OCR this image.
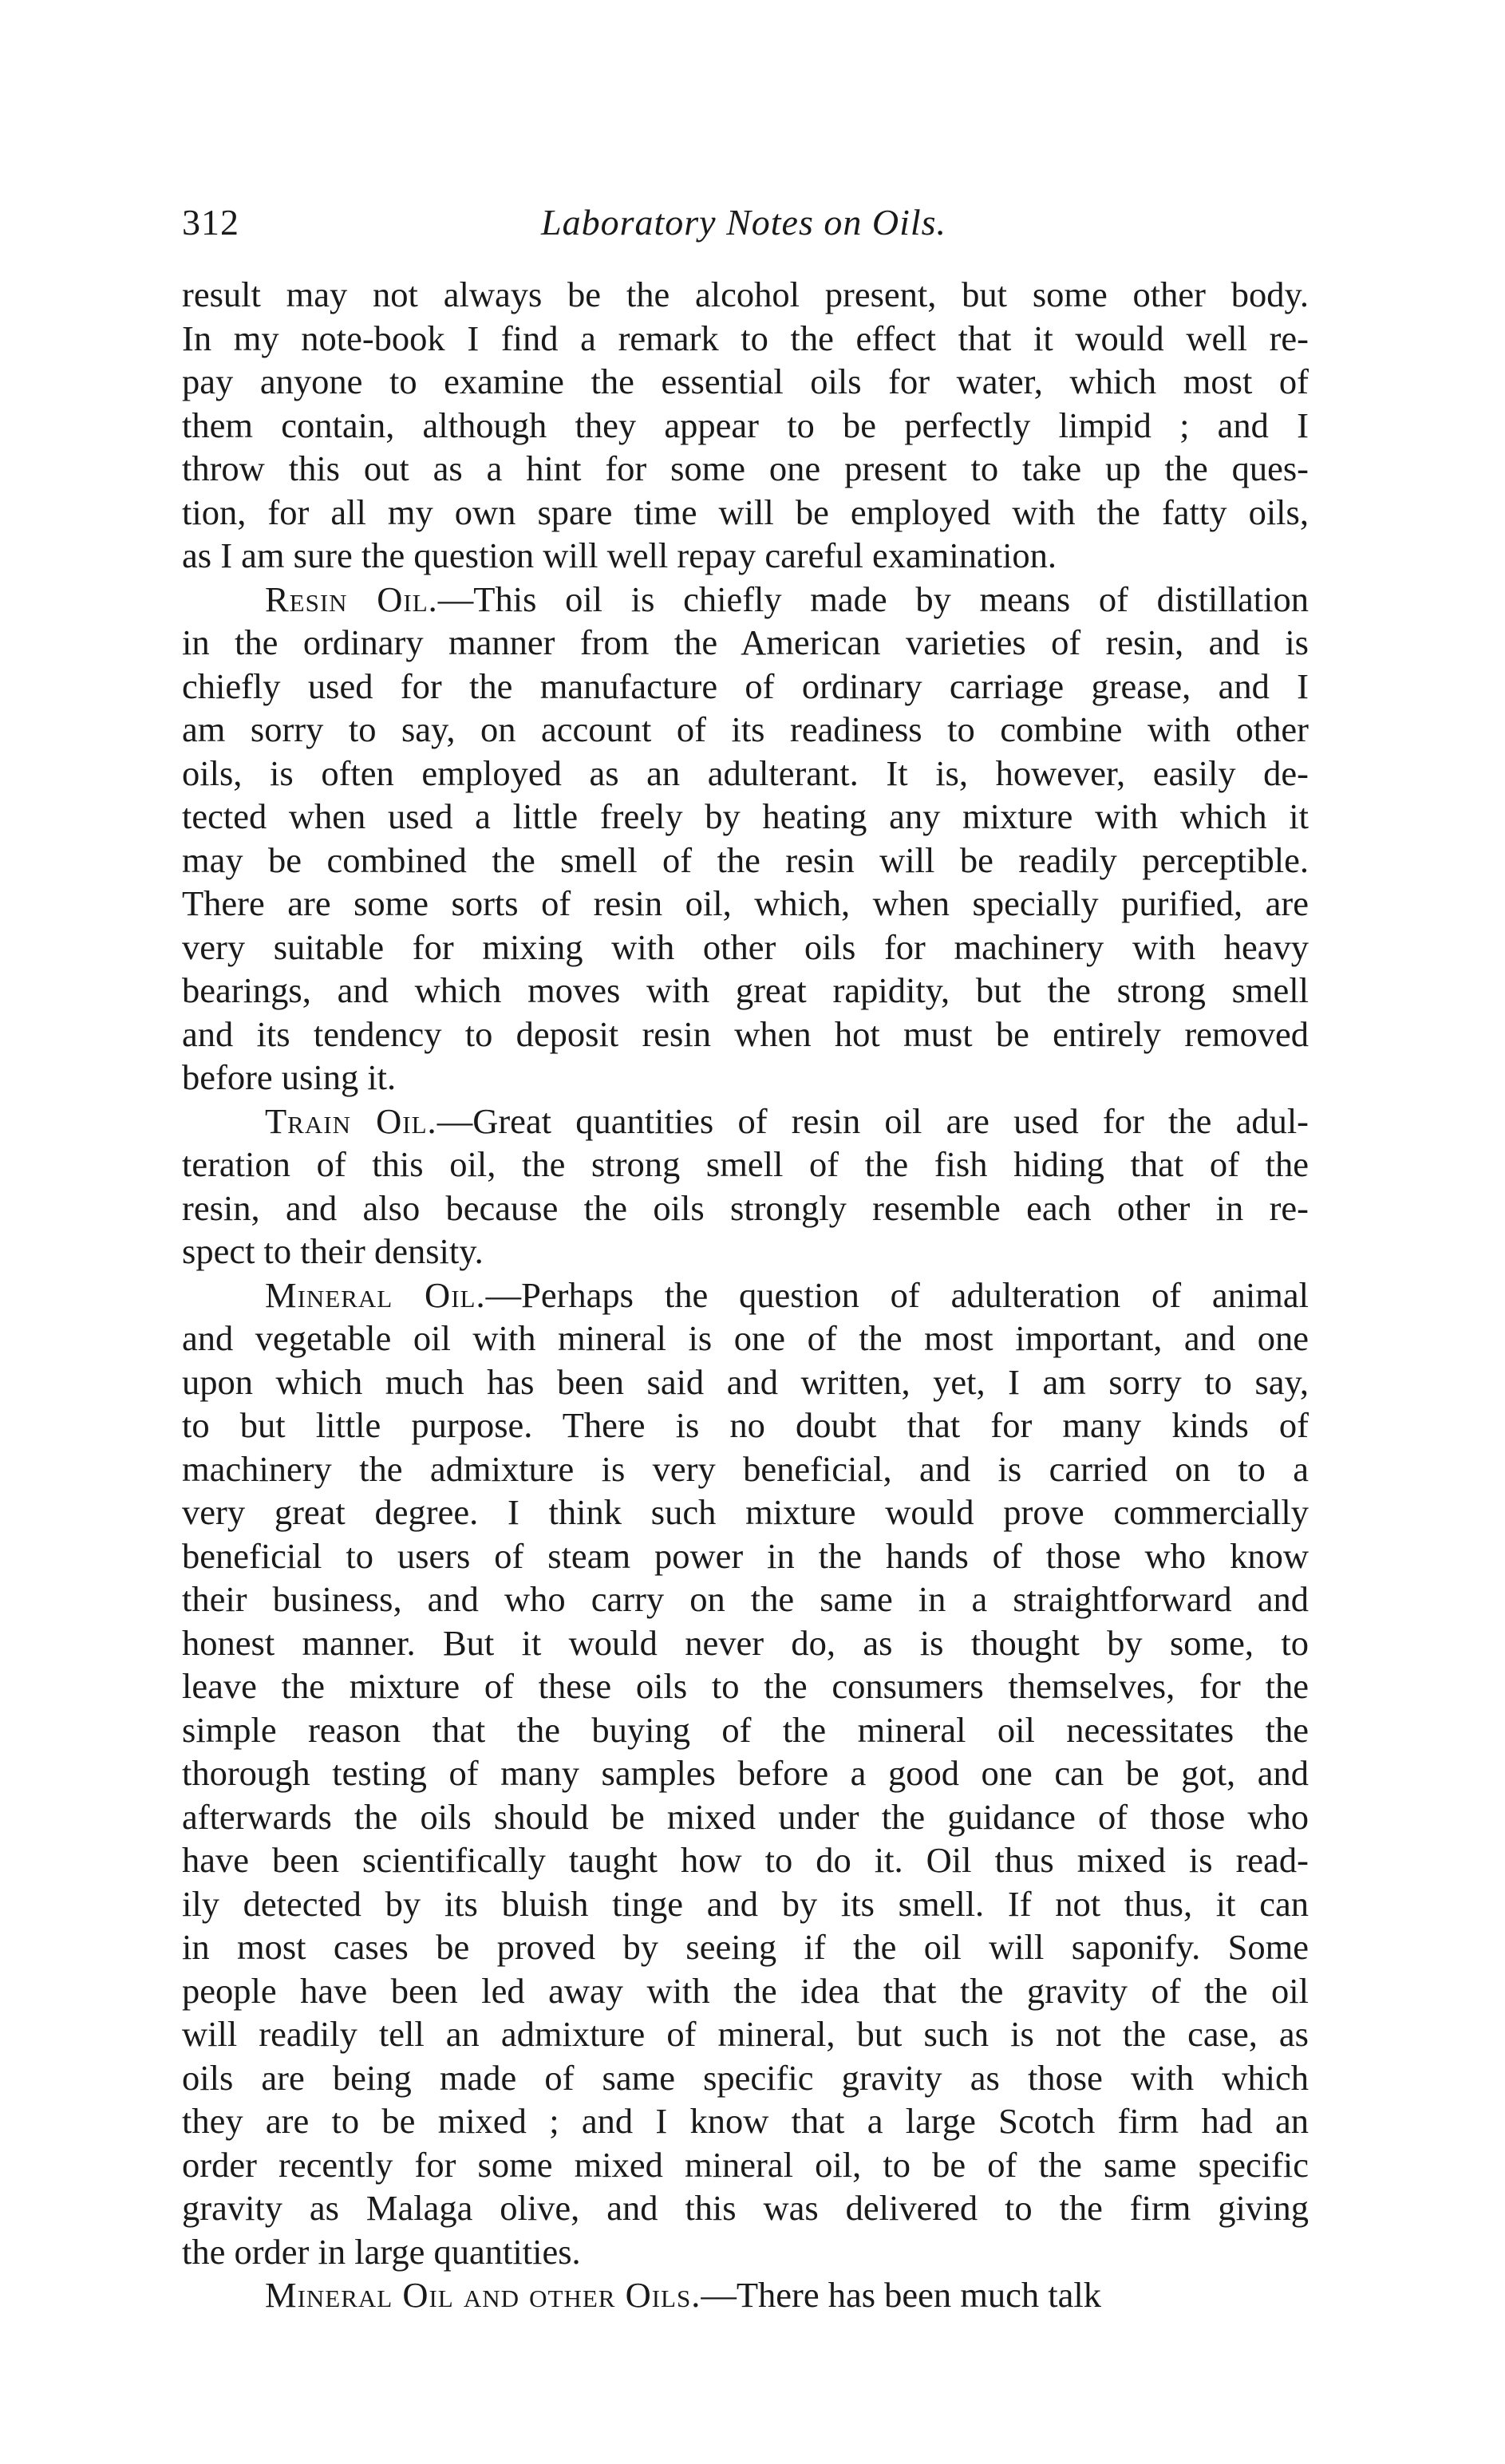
312	Laboratory Notes on Oils.
result may not always be the alcohol present, but some other body.
In my note-book I find a remark to the effect that it would well re-
pay anyone to examine the essential oils for water, which most of
them contain, although they appear to be perfectly limpid ; and I
throw this out as a hint for some one present to take up the ques-
tion, for all my own spare time will be employed with the fatty oils,
as I am sure the question will well repay careful examination.
Resin Oil.—This oil is chiefly made by means of distillation
in the ordinary manner from the American varieties of resin, and is
chiefly used for the manufacture of ordinary carriage grease, and I
am sorry to say, on account of its readiness to combine with other
oils, is often employed as an adulterant. It is, however, easily de-
tected when used a little freely by heating any mixture with which it
may be combined the smell of the resin will be readily perceptible.
There are some sorts of resin oil, which, when specially purified, are
very suitable for mixing with other oils for machinery with heavy
bearings, and which moves with great rapidity, but the strong smell
and its tendency to deposit resin when hot must be entirely removed
before using it.
Train Oil.—Great quantities of resin oil are used for the adul-
teration of this oil, the strong smell of the fish hiding that of the
resin, and also because the oils strongly resemble each other in re-
spect to their density.
Mineral Oil.—Perhaps the question of adulteration of animal
and vegetable oil with mineral is one of the most important, and one
upon which much has been said and written, yet, I am sorry to say,
to but little purpose. There is no doubt that for many kinds of
machinery the admixture is very beneficial, and is carried on to a
very great degree. I think such mixture would prove commercially
beneficial to users of steam power in the hands of those who know
their business, and who carry on the same in a straightforward and
honest manner. But it would never do, as is thought by some, to
leave the mixture of these oils to the consumers themselves, for the
simple reason that the buying of the mineral oil necessitates the
thorough testing of many samples before a good one can be got, and
afterwards the oils should be mixed under the guidance of those who
have been scientifically taught how to do it. Oil thus mixed is read-
ily detected by its bluish tinge and by its smell. If not thus, it can
in most cases be proved by seeing if the oil will saponify. Some
people have been led away with the idea that the gravity of the oil
will readily tell an admixture of mineral, but such is not the case, as
oils are being made of same specific gravity as those with which
they are to be mixed ; and I know that a large Scotch firm had an
order recently for some mixed mineral oil, to be of the same specific
gravity as Malaga olive, and this was delivered to the firm giving
the order in large quantities.
Mineral Oil and other Oils.—There has been much talk
